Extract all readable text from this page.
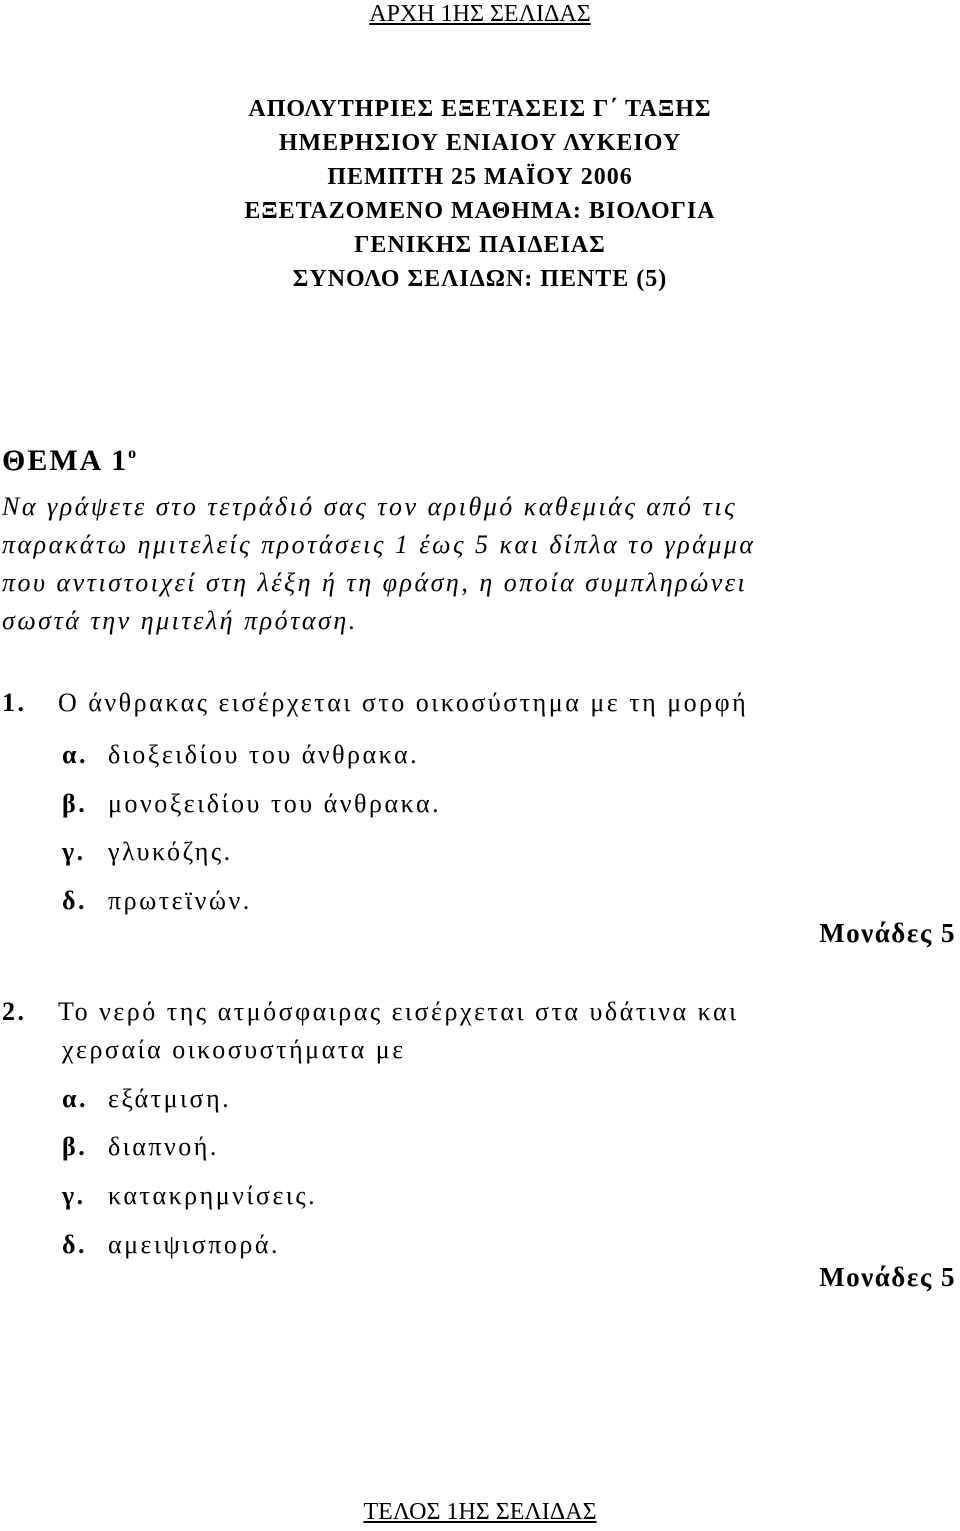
ΑΡΧΗ 1ΗΣ ΣΕΛΙΔΑΣ
ΑΠΟΛΥΤΗΡΙΕΣ ΕΞΕΤΑΣΕΙΣ Γ΄ ΤΑΞΗΣ
ΗΜΕΡΗΣΙΟΥ ΕΝΙΑΙΟΥ ΛΥΚΕΙΟΥ
ΠΕΜΠΤΗ 25 ΜΑΪΟΥ 2006
ΕΞΕΤΑΖΟΜΕΝΟ ΜΑΘΗΜΑ: ΒΙΟΛΟΓΙΑ
ΓΕΝΙΚΗΣ ΠΑΙΔΕΙΑΣ
ΣΥΝΟΛΟ ΣΕΛΙΔΩΝ: ΠΕΝΤΕ (5)
ΘΕΜΑ $1^o$
Να γράψετε στο τετράδιό σας τον αριθμό καθεμιάς από τις
παρακάτω ημιτελείς προτάσεις 1 έως 5 και δίπλα το γράμμα
που αντιστοιχεί στη λέξη ή τη φράση, η οποία συμπληρώνει
σωστά την ημιτελή πρόταση.
1. Ο άνθρακας εισέρχεται στο οικοσύστημα με τη μορφή
α. διοξειδίου του άνθρακα.
β. μονοξειδίου του άνθρακα.
γ. γλυκόζης.
δ. πρωτεϊνών.
Μονάδες 5
2. Το νερό της ατμόσφαιρας εισέρχεται στα υδάτινα και
χερσαία οικοσυστήματα με
α. εξάτμιση.
β. διαπνοή.
γ. κατακρημνίσεις.
δ. αμειψισπορά.
Μονάδες 5
ΤΕΛΟΣ 1ΗΣ ΣΕΛΙΔΑΣ
